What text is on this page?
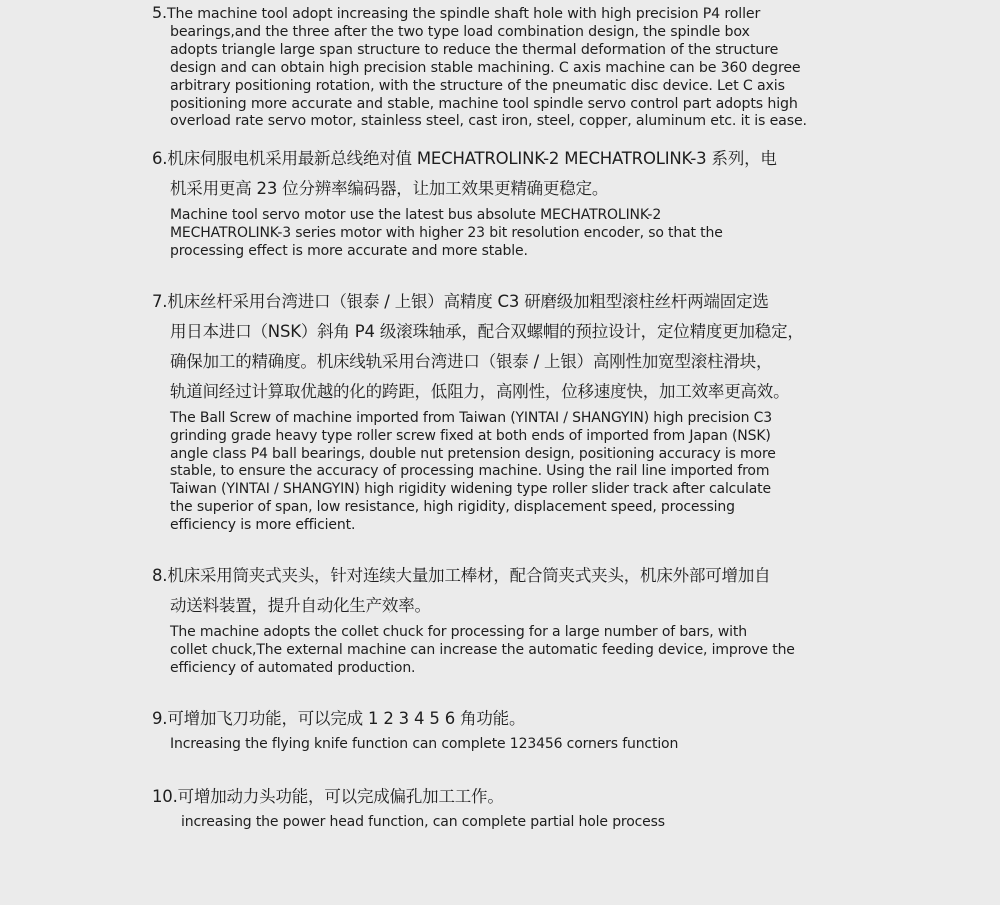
5.The machine tool adopt increasing the spindle shaft hole with high precision P4 roller
bearings,and the three after the two type load combination design, the spindle box
adopts triangle large span structure to reduce the thermal deformation of the structure
design and can obtain high precision stable machining. C axis machine can be 360 degree
arbitrary positioning rotation, with the structure of the pneumatic disc device. Let C axis
positioning more accurate and stable, machine tool spindle servo control part adopts high
overload rate servo motor, stainless steel, cast iron, steel, copper, aluminum etc. it is ease.
6.机床伺服电机采用最新总线绝对值 MECHATROLINK-2 MECHATROLINK-3 系列，电
机采用更高 23 位分辨率编码器，让加工效果更精确更稳定。
Machine tool servo motor use the latest bus absolute MECHATROLINK-2
MECHATROLINK-3 series motor with higher 23 bit resolution encoder, so that the
processing effect is more accurate and more stable.
7.机床丝杆采用台湾进口（银泰 / 上银）高精度 C3 研磨级加粗型滚柱丝杆两端固定选
用日本进口（NSK）斜角 P4 级滚珠轴承，配合双螺帽的预拉设计，定位精度更加稳定，
确保加工的精确度。机床线轨采用台湾进口（银泰 / 上银）高刚性加宽型滚柱滑块，
轨道间经过计算取优越的化的跨距，低阻力，高刚性，位移速度快，加工效率更高效。
The Ball Screw of machine imported from Taiwan (YINTAI / SHANGYIN) high precision C3
grinding grade heavy type roller screw fixed at both ends of imported from Japan (NSK)
angle class P4 ball bearings, double nut pretension design, positioning accuracy is more
stable, to ensure the accuracy of processing machine. Using the rail line imported from
Taiwan (YINTAI / SHANGYIN) high rigidity widening type roller slider track after calculate
the superior of span, low resistance, high rigidity, displacement speed, processing
efficiency is more efficient.
8.机床采用筒夹式夹头，针对连续大量加工棒材，配合筒夹式夹头，机床外部可增加自
动送料装置，提升自动化生产效率。
The machine adopts the collet chuck for processing for a large number of bars, with
collet chuck,The external machine can increase the automatic feeding device, improve the
efficiency of automated production.
9.可增加飞刀功能，可以完成 1 2 3 4 5 6 角功能。
Increasing the flying knife function can complete 123456 corners function
10.可增加动力头功能，可以完成偏孔加工工作。
increasing the power head function, can complete partial hole process
